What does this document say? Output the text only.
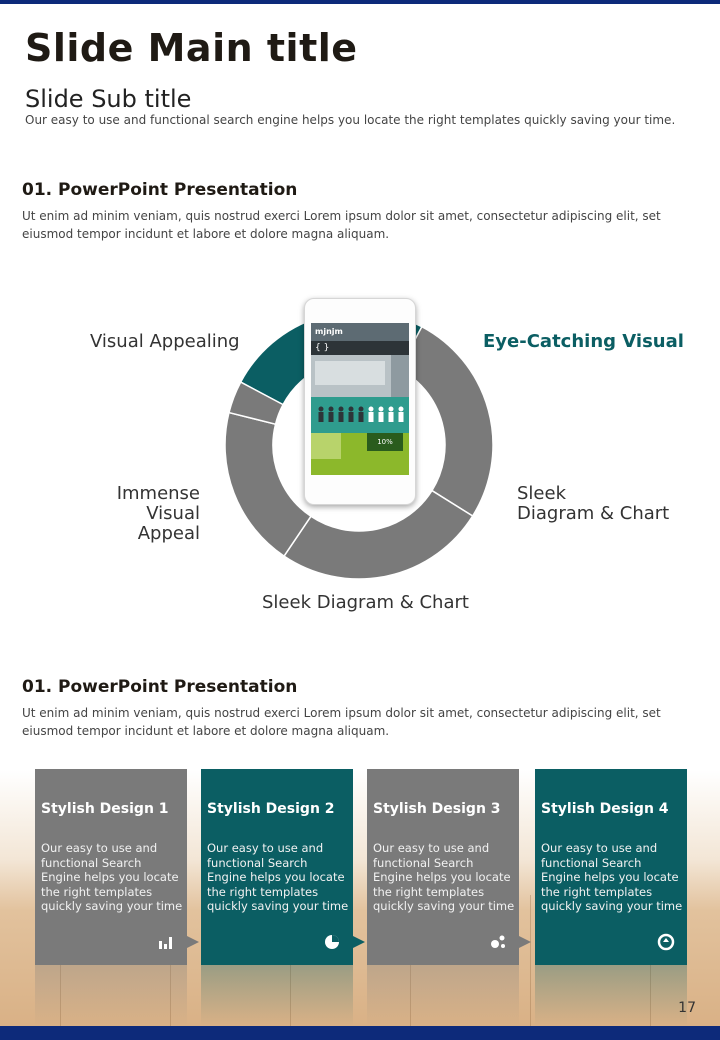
Slide Main title
Slide Sub title
Our easy to use and functional search engine helps you locate the right templates quickly saving your time.
01. PowerPoint Presentation
Ut enim ad minim veniam, quis nostrud exerci Lorem ipsum dolor sit amet, consectetur adipiscing elit, set eiusmod tempor incidunt et labore et dolore magna aliquam.
Visual Appealing	Eye-Catching Visual
Immense
Visual Appeal
Sleek
Diagram & Chart
Sleek Diagram & Chart
mjnjm
{ }
10%
01. PowerPoint Presentation
Ut enim ad minim veniam, quis nostrud exerci Lorem ipsum dolor sit amet, consectetur adipiscing elit, set eiusmod tempor incidunt et labore et dolore magna aliquam.
Stylish Design 1
Our easy to use and functional Search Engine helps you locate the right templates quickly saving your time
Stylish Design 2
Our easy to use and functional Search Engine helps you locate the right templates quickly saving your time
Stylish Design 3
Our easy to use and functional Search Engine helps you locate the right templates quickly saving your time
Stylish Design 4
Our easy to use and functional Search Engine helps you locate the right templates quickly saving your time
17
